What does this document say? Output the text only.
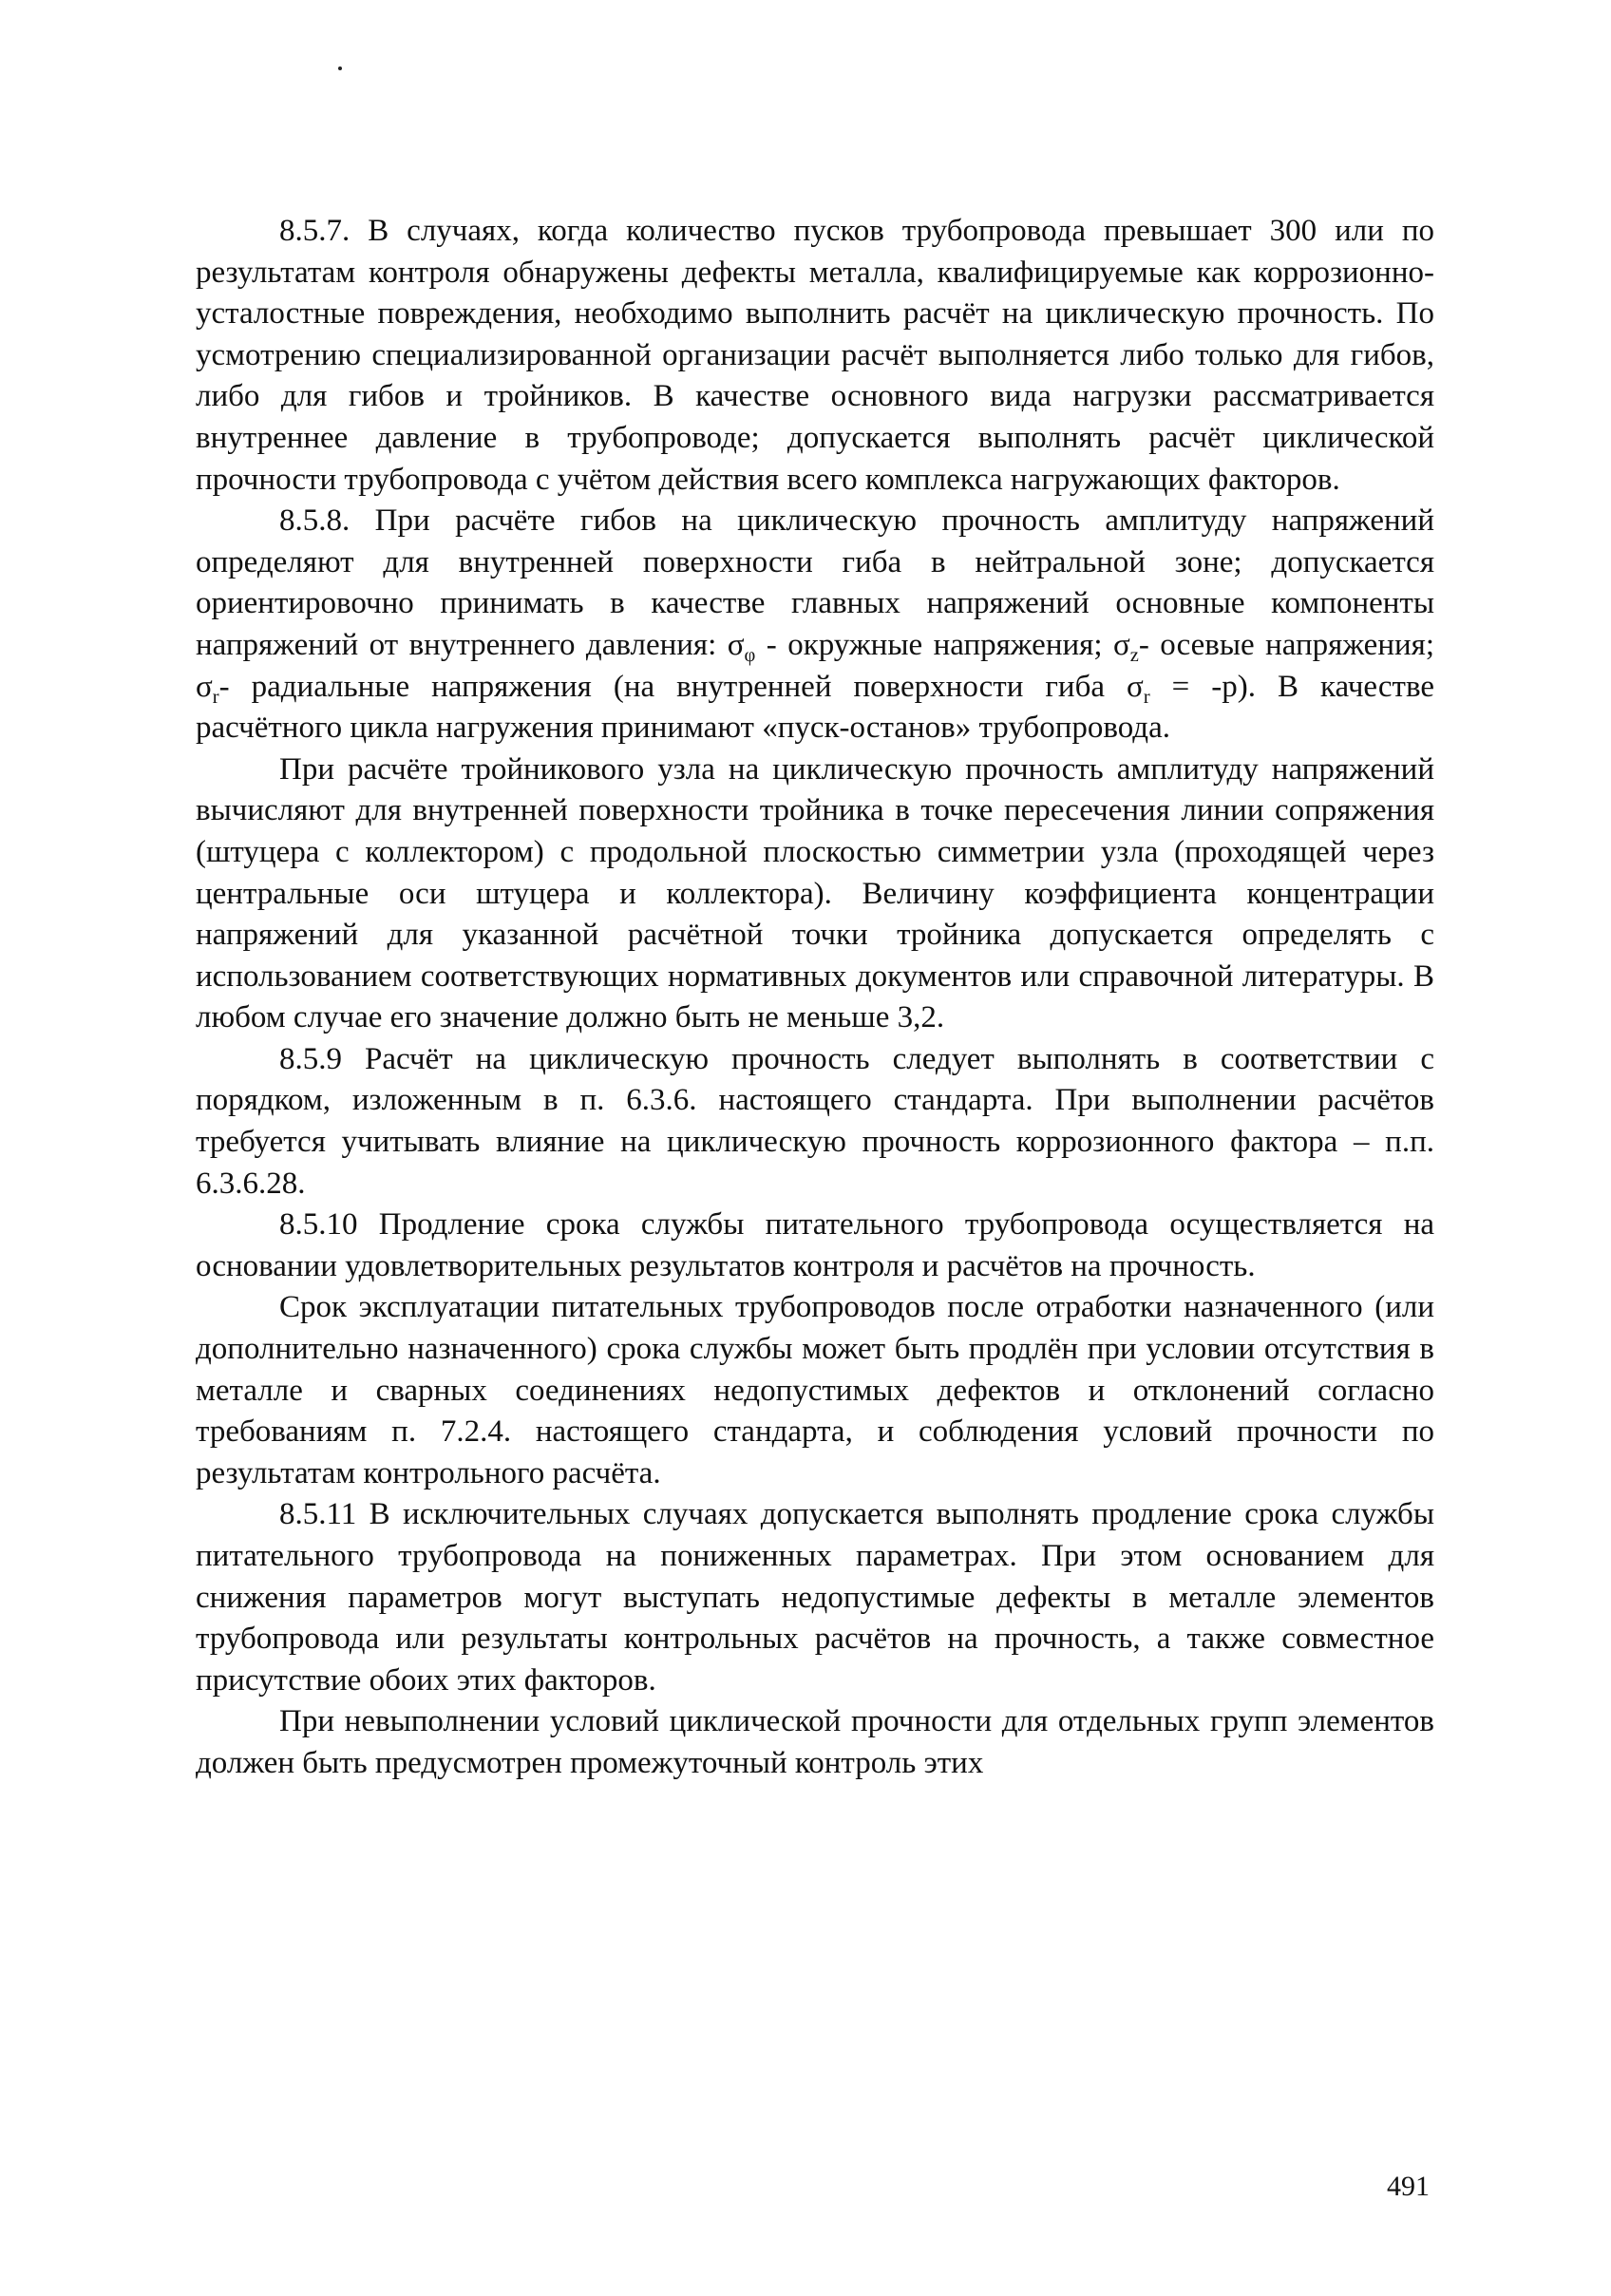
8.5.7. В случаях, когда количество пусков трубопровода превышает 300 или по результатам контроля обнаружены дефекты металла, квалифицируемые как коррозионно-усталостные повреждения, необходимо выполнить расчёт на циклическую прочность. По усмотрению специализированной организации расчёт выполняется либо только для гибов, либо для гибов и тройников. В качестве основного вида нагрузки рассматривается внутреннее давление в трубопроводе; допускается выполнять расчёт циклической прочности трубопровода с учётом действия всего комплекса нагружающих факторов.

8.5.8. При расчёте гибов на циклическую прочность амплитуду напряжений определяют для внутренней поверхности гиба в нейтральной зоне; допускается ориентировочно принимать в качестве главных напряжений основные компоненты напряжений от внутреннего давления: $\sigma_\varphi$ - окружные напряжения; $\sigma_z-$ осевые напряжения; $\sigma_r-$ радиальные напряжения (на внутренней поверхности гиба $\sigma_r = -p$). В качестве расчётного цикла нагружения принимают «пуск-останов» трубопровода.

При расчёте тройникового узла на циклическую прочность амплитуду напряжений вычисляют для внутренней поверхности тройника в точке пересечения линии сопряжения (штуцера с коллектором) с продольной плоскостью симметрии узла (проходящей через центральные оси штуцера и коллектора). Величину коэффициента концентрации напряжений для указанной расчётной точки тройника допускается определять с использованием соответствующих нормативных документов или справочной литературы. В любом случае его значение должно быть не меньше 3,2.

8.5.9 Расчёт на циклическую прочность следует выполнять в соответствии с порядком, изложенным в п. 6.3.6. настоящего стандарта. При выполнении расчётов требуется учитывать влияние на циклическую прочность коррозионного фактора – п.п. 6.3.6.28.

8.5.10 Продление срока службы питательного трубопровода осуществляется на основании удовлетворительных результатов контроля и расчётов на прочность.

Срок эксплуатации питательных трубопроводов после отработки назначенного (или дополнительно назначенного) срока службы может быть продлён при условии отсутствия в металле и сварных соединениях недопустимых дефектов и отклонений согласно требованиям п. 7.2.4. настоящего стандарта, и соблюдения условий прочности по результатам контрольного расчёта.

8.5.11 В исключительных случаях допускается выполнять продление срока службы питательного трубопровода на пониженных параметрах. При этом основанием для снижения параметров могут выступать недопустимые дефекты в металле элементов трубопровода или результаты контрольных расчётов на прочность, а также совместное присутствие обоих этих факторов.

При невыполнении условий циклической прочности для отдельных групп элементов должен быть предусмотрен промежуточный контроль этих

491
